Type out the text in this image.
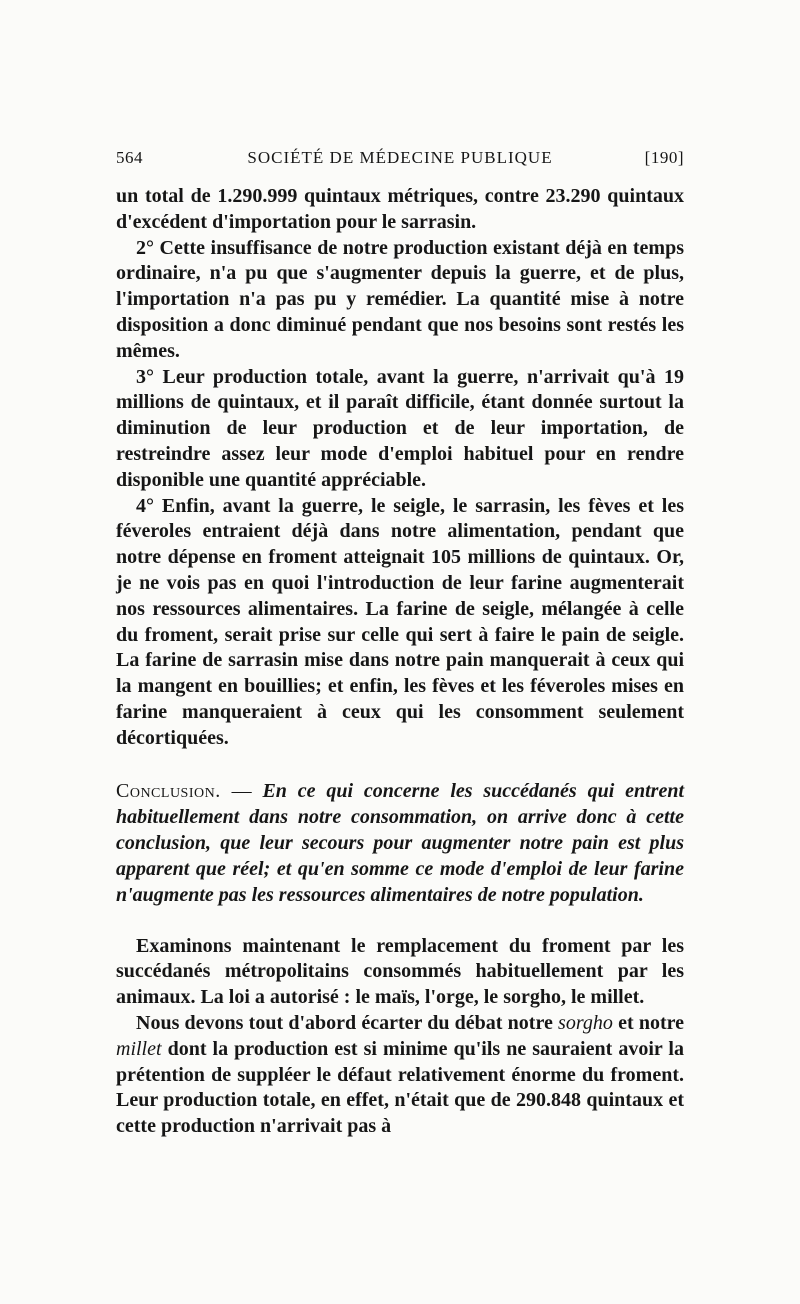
564	SOCIÉTÉ DE MÉDECINE PUBLIQUE	[190]

un total de 1.290.999 quintaux métriques, contre 23.290 quintaux d'excédent d'importation pour le sarrasin.

2° Cette insuffisance de notre production existant déjà en temps ordinaire, n'a pu que s'augmenter depuis la guerre, et de plus, l'importation n'a pas pu y remédier. La quantité mise à notre disposition a donc diminué pendant que nos besoins sont restés les mêmes.

3° Leur production totale, avant la guerre, n'arrivait qu'à 19 millions de quintaux, et il paraît difficile, étant donnée surtout la diminution de leur production et de leur importation, de restreindre assez leur mode d'emploi habituel pour en rendre disponible une quantité appréciable.

4° Enfin, avant la guerre, le seigle, le sarrasin, les fèves et les féveroles entraient déjà dans notre alimentation, pendant que notre dépense en froment atteignait 105 millions de quintaux. Or, je ne vois pas en quoi l'introduction de leur farine augmenterait nos ressources alimentaires. La farine de seigle, mélangée à celle du froment, serait prise sur celle qui sert à faire le pain de seigle. La farine de sarrasin mise dans notre pain manquerait à ceux qui la mangent en bouillies; et enfin, les fèves et les féveroles mises en farine manqueraient à ceux qui les consomment seulement décortiquées.

Conclusion. — En ce qui concerne les succédanés qui entrent habituellement dans notre consommation, on arrive donc à cette conclusion, que leur secours pour augmenter notre pain est plus apparent que réel; et qu'en somme ce mode d'emploi de leur farine n'augmente pas les ressources alimentaires de notre population.

Examinons maintenant le remplacement du froment par les succédanés métropolitains consommés habituellement par les animaux. La loi a autorisé : le maïs, l'orge, le sorgho, le millet.

Nous devons tout d'abord écarter du débat notre sorgho et notre millet dont la production est si minime qu'ils ne sauraient avoir la prétention de suppléer le défaut relativement énorme du froment. Leur production totale, en effet, n'était que de 290.848 quintaux et cette production n'arrivait pas à
